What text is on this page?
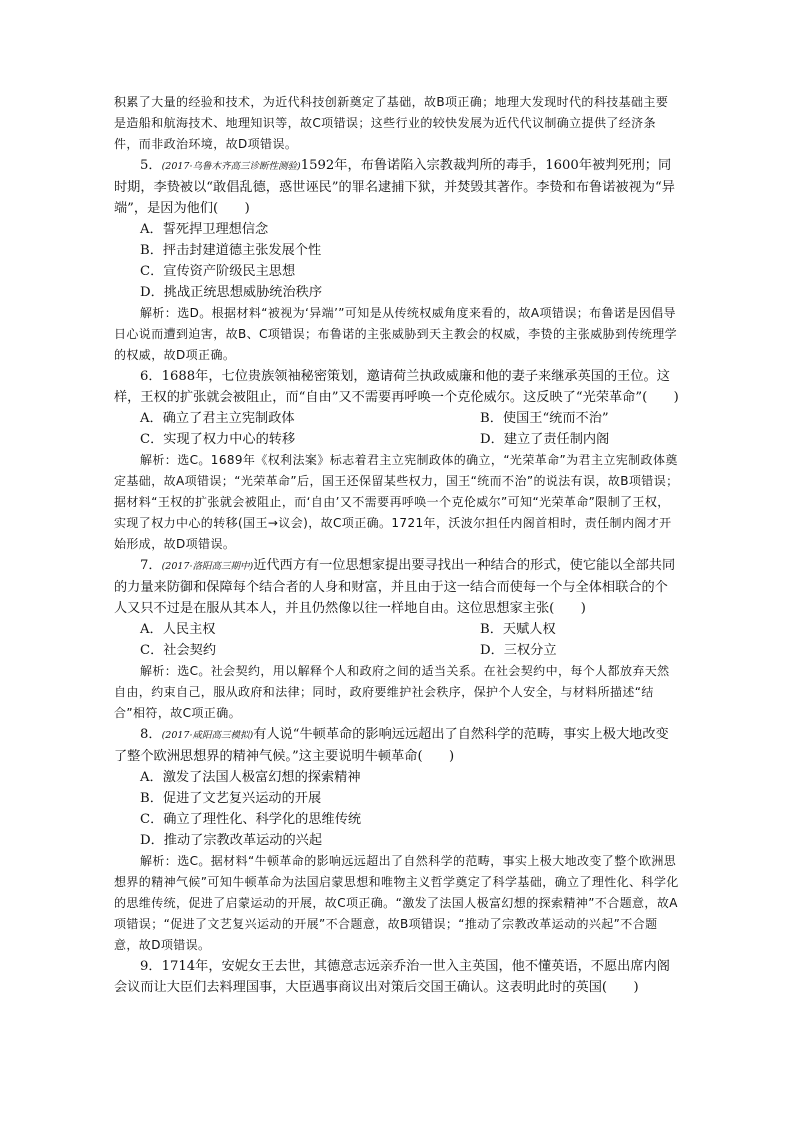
积累了大量的经验和技术，为近代科技创新奠定了基础，故B项正确；地理大发现时代的科技基础主要是造船和航海技术、地理知识等，故C项错误；这些行业的较快发展为近代代议制确立提供了经济条件，而非政治环境，故D项错误。

5．(2017·乌鲁木齐高三诊断性测验)1592年，布鲁诺陷入宗教裁判所的毒手，1600年被判死刑；同时期，李贽被以“敢倡乱德，惑世诬民”的罪名逮捕下狱，并焚毁其著作。李贽和布鲁诺被视为“异端”，是因为他们(　　)

A．誓死捍卫理想信念

B．抨击封建道德主张发展个性

C．宣传资产阶级民主思想

D．挑战正统思想威胁统治秩序

解析：选D。根据材料“被视为‘异端’”可知是从传统权威角度来看的，故A项错误；布鲁诺是因倡导日心说而遭到迫害，故B、C项错误；布鲁诺的主张威胁到天主教会的权威，李贽的主张威胁到传统理学的权威，故D项正确。

6．1688年，七位贵族领袖秘密策划，邀请荷兰执政威廉和他的妻子来继承英国的王位。这样，王权的扩张就会被阻止，而“自由”又不需要再呼唤一个克伦威尔。这反映了“光荣革命”(　　)

A．确立了君主立宪制政体	B．使国王“统而不治”
C．实现了权力中心的转移	D．建立了责任制内阁

解析：选C。1689年《权利法案》标志着君主立宪制政体的确立，“光荣革命”为君主立宪制政体奠定基础，故A项错误；“光荣革命”后，国王还保留某些权力，国王“统而不治”的说法有误，故B项错误；据材料“王权的扩张就会被阻止，而‘自由’又不需要再呼唤一个克伦威尔”可知“光荣革命”限制了王权，实现了权力中心的转移(国王→议会)，故C项正确。1721年，沃波尔担任内阁首相时，责任制内阁才开始形成，故D项错误。

7．(2017·洛阳高三期中)近代西方有一位思想家提出要寻找出一种结合的形式，使它能以全部共同的力量来防御和保障每个结合者的人身和财富，并且由于这一结合而使每一个与全体相联合的个人又只不过是在服从其本人，并且仍然像以往一样地自由。这位思想家主张(　　)

A．人民主权	B．天赋人权
C．社会契约	D．三权分立

解析：选C。社会契约，用以解释个人和政府之间的适当关系。在社会契约中，每个人都放弃天然自由，约束自己，服从政府和法律；同时，政府要维护社会秩序，保护个人安全，与材料所描述“结合”相符，故C项正确。

8．(2017·咸阳高三模拟)有人说“牛顿革命的影响远远超出了自然科学的范畴，事实上极大地改变了整个欧洲思想界的精神气候。”这主要说明牛顿革命(　　)

A．激发了法国人极富幻想的探索精神

B．促进了文艺复兴运动的开展

C．确立了理性化、科学化的思维传统

D．推动了宗教改革运动的兴起

解析：选C。据材料“牛顿革命的影响远远超出了自然科学的范畴，事实上极大地改变了整个欧洲思想界的精神气候”可知牛顿革命为法国启蒙思想和唯物主义哲学奠定了科学基础，确立了理性化、科学化的思维传统，促进了启蒙运动的开展，故C项正确。“激发了法国人极富幻想的探索精神”不合题意，故A项错误；“促进了文艺复兴运动的开展”不合题意，故B项错误；“推动了宗教改革运动的兴起”不合题意，故D项错误。

9．1714年，安妮女王去世，其德意志远亲乔治一世入主英国，他不懂英语，不愿出席内阁会议而让大臣们去料理国事，大臣遇事商议出对策后交国王确认。这表明此时的英国(　　)
